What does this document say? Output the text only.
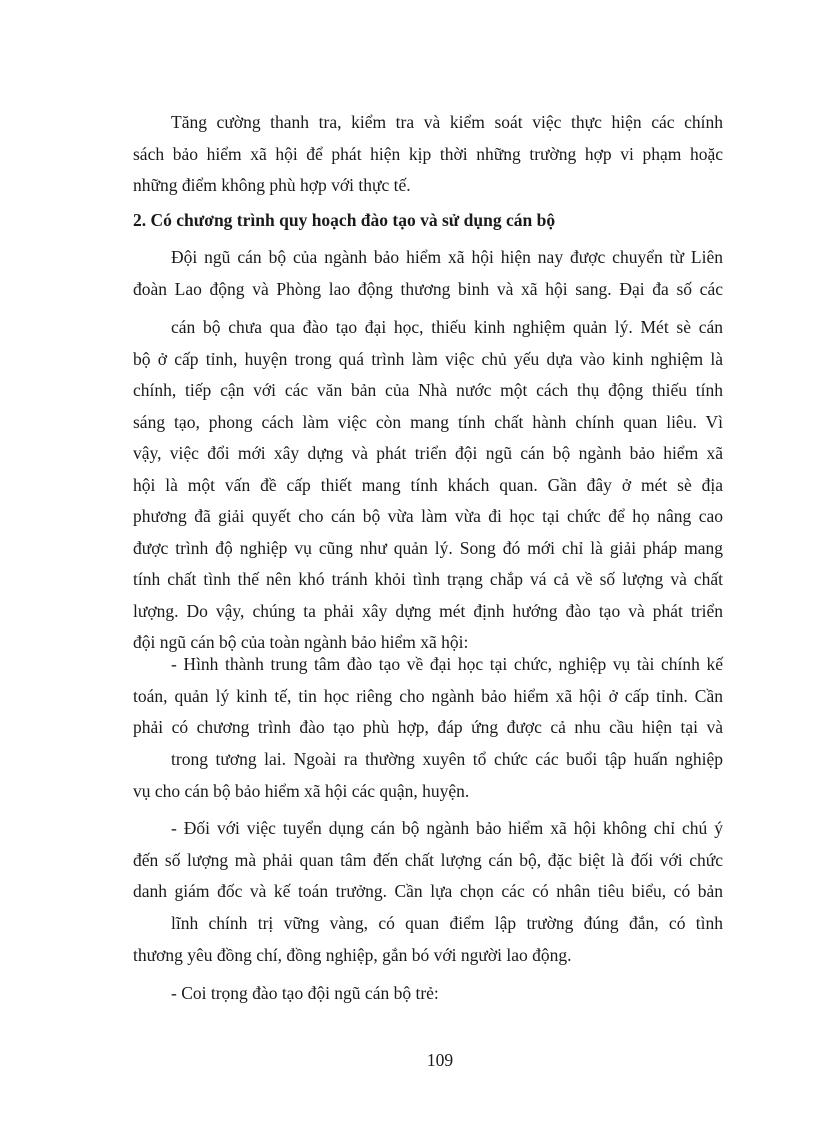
Tăng cường thanh tra, kiểm tra và kiểm soát việc thực hiện các chính
sách bảo hiểm xã hội để phát hiện kịp thời những trường hợp vi phạm hoặc
những điểm không phù hợp với thực tế.
2. Có chương trình quy hoạch đào tạo và sử dụng cán bộ
Đội ngũ cán bộ của ngành bảo hiểm xã hội hiện nay được chuyển từ Liên
đoàn Lao động và Phòng lao động thương binh và xã hội sang. Đại đa số các
cán bộ chưa qua đào tạo đại học, thiếu kinh nghiệm quản lý. Mét sè cán
bộ ở cấp tỉnh, huyện trong quá trình làm việc chủ yếu dựa vào kinh nghiệm là
chính, tiếp cận với các văn bản của Nhà nước một cách thụ động thiếu tính
sáng tạo, phong cách làm việc còn mang tính chất hành chính quan liêu. Vì
vậy, việc đổi mới xây dựng và phát triển đội ngũ cán bộ ngành bảo hiểm xã
hội là một vấn đề cấp thiết mang tính khách quan. Gần đây ở mét sè địa
phương đã giải quyết cho cán bộ vừa làm vừa đi học tại chức để họ nâng cao
được trình độ nghiệp vụ cũng như quản lý. Song đó mới chỉ là giải pháp mang
tính chất tình thế nên khó tránh khỏi tình trạng chắp vá cả về số lượng và chất
lượng. Do vậy, chúng ta phải xây dựng mét định hướng đào tạo và phát triển
đội ngũ cán bộ của toàn ngành bảo hiểm xã hội:
- Hình thành trung tâm đào tạo về đại học tại chức, nghiệp vụ tài chính kế
toán, quản lý kinh tế, tin học riêng cho ngành bảo hiểm xã hội ở cấp tỉnh. Cần
phải có chương trình đào tạo phù hợp, đáp ứng được cả nhu cầu hiện tại và
trong tương lai. Ngoài ra thường xuyên tổ chức các buổi tập huấn nghiệp
vụ cho cán bộ bảo hiểm xã hội các quận, huyện.
- Đối với việc tuyển dụng cán bộ ngành bảo hiểm xã hội không chỉ chú ý
đến số lượng mà phải quan tâm đến chất lượng cán bộ, đặc biệt là đối với chức
danh giám đốc và kế toán trưởng. Cần lựa chọn các có nhân tiêu biểu, có bản
lĩnh chính trị vững vàng, có quan điểm lập trường đúng đắn, có tình
thương yêu đồng chí, đồng nghiệp, gắn bó với người lao động.
- Coi trọng đào tạo đội ngũ cán bộ trẻ:
109
